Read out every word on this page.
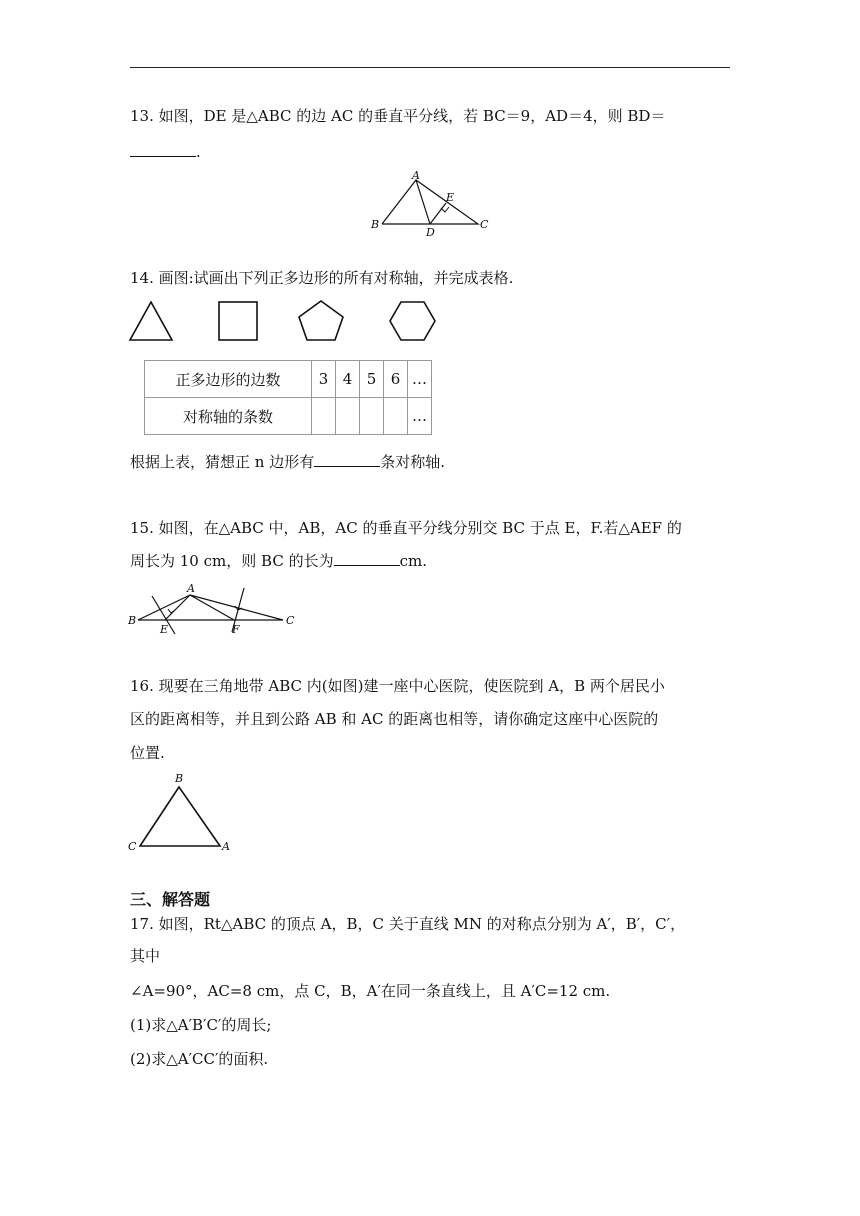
13. 如图，DE 是△ABC 的边 AC 的垂直平分线，若 BC＝9，AD＝4，则 BD＝
.
A
B	C
D
E
14. 画图:试画出下列正多边形的所有对称轴，并完成表格.
正多边形的边数	3	4	5	6	…
对称轴的条数					…
根据上表，猜想正 n 边形有	条对称轴.
15. 如图，在△ABC 中，AB，AC 的垂直平分线分别交 BC 于点 E，F.若△AEF 的
周长为 10 cm，则 BC 的长为	cm.
A
B	C
E	F
16. 现要在三角地带 ABC 内(如图)建一座中心医院，使医院到 A，B 两个居民小
区的距离相等，并且到公路 AB 和 AC 的距离也相等，请你确定这座中心医院的
位置.
B
C	A
三、解答题
17. 如图，Rt△ABC 的顶点 A，B，C 关于直线 MN 的对称点分别为 A′，B′，C′，
其中
∠A=90°，AC=8 cm，点 C，B，A′在同一条直线上，且 A′C=12 cm.
(1)求△A′B′C′的周长;
(2)求△A′CC′的面积.
